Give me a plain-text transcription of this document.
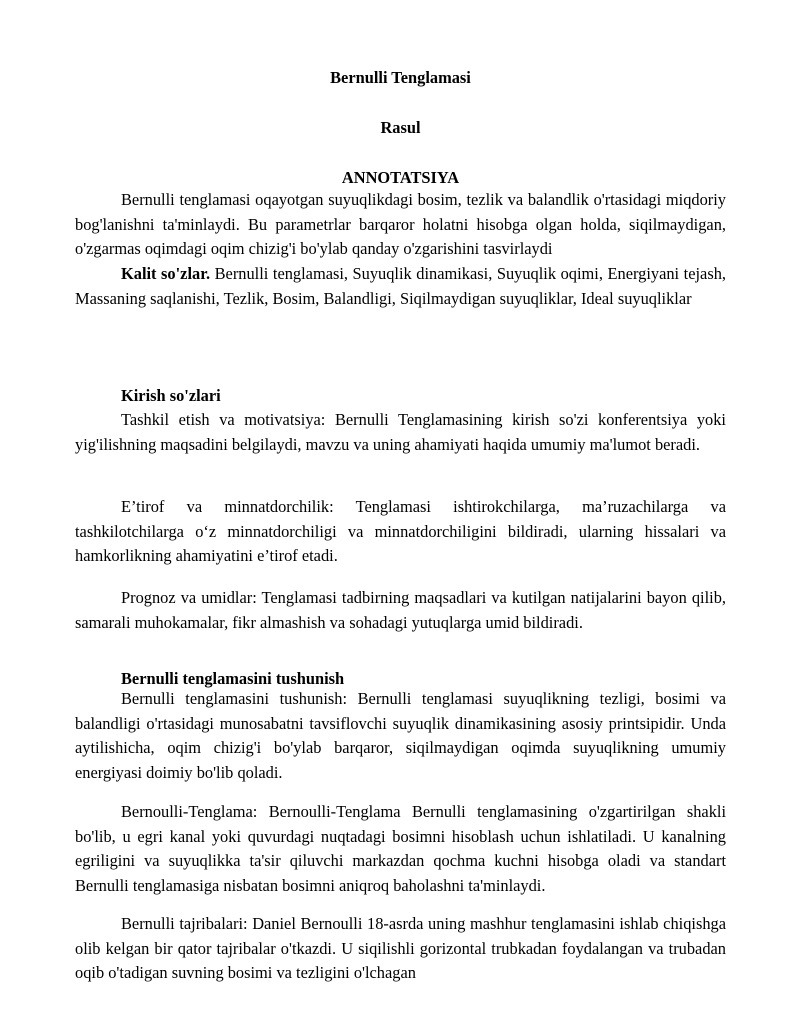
Bernulli Tenglamasi
Rasul
ANNOTATSIYA

Bernulli tenglamasi oqayotgan suyuqlikdagi bosim, tezlik va balandlik o'rtasidagi miqdoriy bog'lanishni ta'minlaydi. Bu parametrlar barqaror holatni hisobga olgan holda, siqilmaydigan, o'zgarmas oqimdagi oqim chizig'i bo'ylab qanday o'zgarishini tasvirlaydi

Kalit so'zlar. Bernulli tenglamasi, Suyuqlik dinamikasi, Suyuqlik oqimi, Energiyani tejash, Massaning saqlanishi, Tezlik, Bosim, Balandligi, Siqilmaydigan suyuqliklar, Ideal suyuqliklar

Kirish so'zlari

Tashkil etish va motivatsiya: Bernulli Tenglamasining kirish so'zi konferentsiya yoki yig'ilishning maqsadini belgilaydi, mavzu va uning ahamiyati haqida umumiy ma'lumot beradi.

E’tirof va minnatdorchilik: Tenglamasi ishtirokchilarga, ma’ruzachilarga va tashkilotchilarga o‘z minnatdorchiligi va minnatdorchiligini bildiradi, ularning hissalari va hamkorlikning ahamiyatini e’tirof etadi.

Prognoz va umidlar: Tenglamasi tadbirning maqsadlari va kutilgan natijalarini bayon qilib, samarali muhokamalar, fikr almashish va sohadagi yutuqlarga umid bildiradi.

Bernulli tenglamasini tushunish

Bernulli tenglamasini tushunish: Bernulli tenglamasi suyuqlikning tezligi, bosimi va balandligi o'rtasidagi munosabatni tavsiflovchi suyuqlik dinamikasining asosiy printsipidir. Unda aytilishicha, oqim chizig'i bo'ylab barqaror, siqilmaydigan oqimda suyuqlikning umumiy energiyasi doimiy bo'lib qoladi.

Bernoulli-Tenglama: Bernoulli-Tenglama Bernulli tenglamasining o'zgartirilgan shakli bo'lib, u egri kanal yoki quvurdagi nuqtadagi bosimni hisoblash uchun ishlatiladi. U kanalning egriligini va suyuqlikka ta'sir qiluvchi markazdan qochma kuchni hisobga oladi va standart Bernulli tenglamasiga nisbatan bosimni aniqroq baholashni ta'minlaydi.

Bernulli tajribalari: Daniel Bernoulli 18-asrda uning mashhur tenglamasini ishlab chiqishga olib kelgan bir qator tajribalar o'tkazdi. U siqilishli gorizontal trubkadan foydalangan va trubadan oqib o'tadigan suvning bosimi va tezligini o'lchagan
